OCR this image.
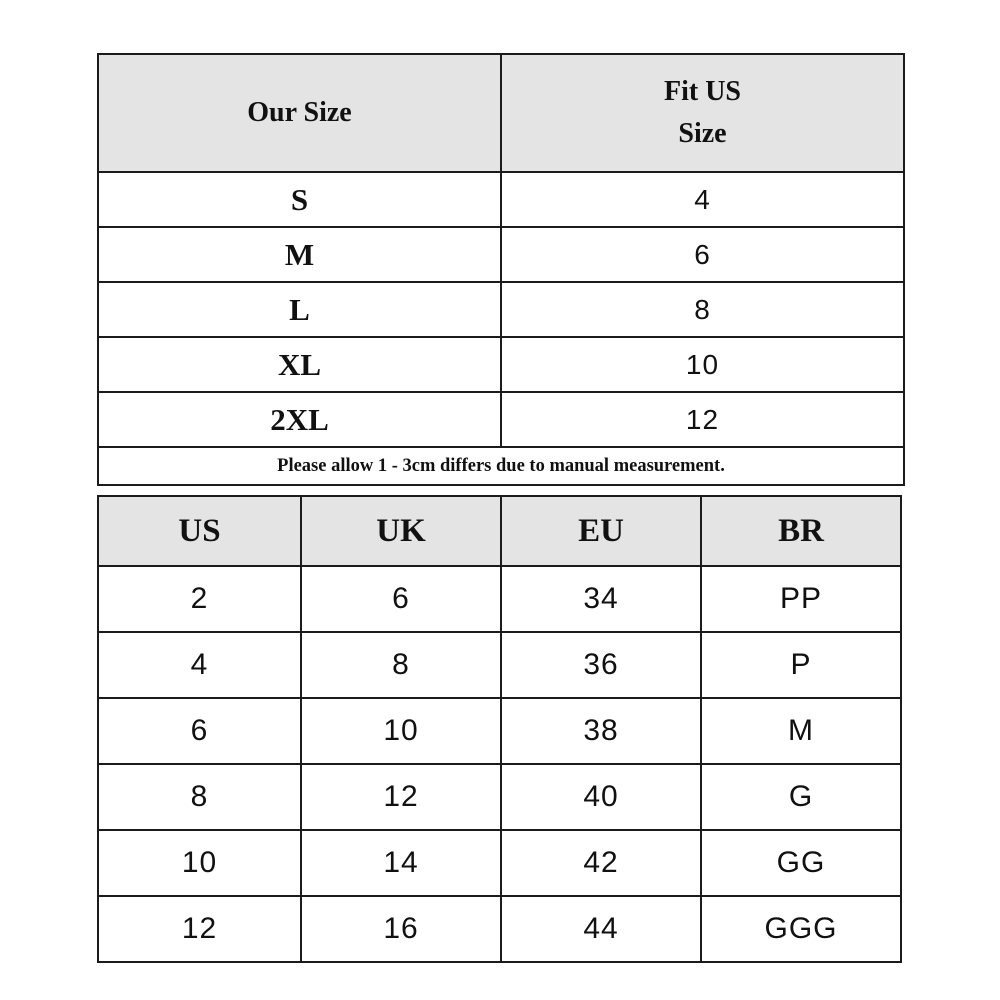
Our Size	Fit US
Size

S	4
M	6
L	8
XL	10
2XL	12
Please allow 1 - 3cm differs due to manual measurement.	
US	UK	EU	BR
2	6	34	PP
4	8	36	P
6	10	38	M
8	12	40	G
10	14	42	GG
12	16	44	GGG
